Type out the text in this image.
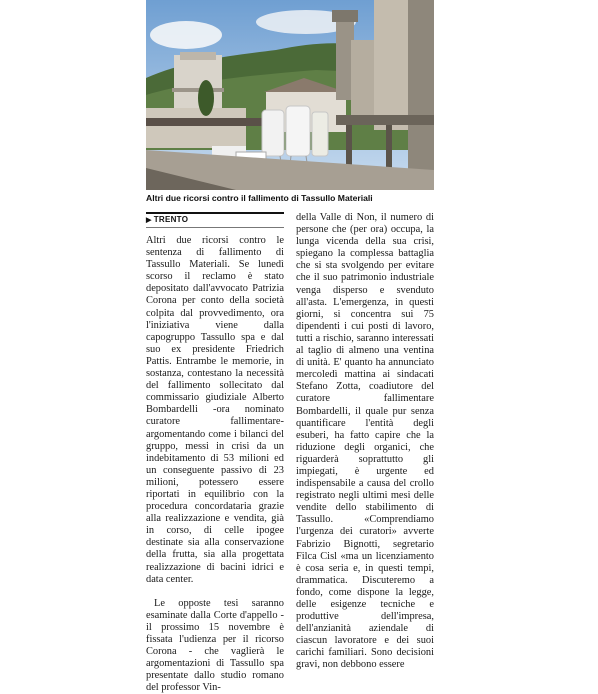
Altri due ricorsi contro il fallimento di Tassullo Materiali
▶ TRENTO

Altri due ricorsi contro le sentenza di fallimento di Tassullo Materiali. Se lunedì scorso il reclamo è stato depositato dall'avvocato Patrizia Corona per conto della società colpita dal provvedimento, ora l'iniziativa viene dalla capogruppo Tassullo spa e dal suo ex presidente Friedrich Pattis. Entrambe le memorie, in sostanza, contestano la necessità del fallimento sollecitato dal commissario giudiziale Alberto Bombardelli -ora nominato curatore fallimentare- argomentando come i bilanci del gruppo, messi in crisi da un indebitamento di 53 milioni ed un conseguente passivo di 23 milioni, potessero essere riportati in equilibrio con la procedura concordataria grazie alla realizzazione e vendita, già in corso, di celle ipogee destinate sia alla conservazione della frutta, sia alla progettata realizzazione di bacini idrici e data center.

Le opposte tesi saranno esaminate dalla Corte d'appello - il prossimo 15 novembre è fissata l'udienza per il ricorso Corona - che vaglierà le argomentazioni di Tassullo spa presentate dallo studio romano del professor Vin-

della Valle di Non, il numero di persone che (per ora) occupa, la lunga vicenda della sua crisi, spiegano la complessa battaglia che si sta svolgendo per evitare che il suo patrimonio industriale venga disperso e svenduto all'asta. L'emergenza, in questi giorni, si concentra sui 75 dipendenti i cui posti di lavoro, tutti a rischio, saranno interessati al taglio di almeno una ventina di unità. E' quanto ha annunciato mercoledì mattina ai sindacati Stefano Zotta, coadiutore del curatore fallimentare Bombardelli, il quale pur senza quantificare l'entità degli esuberi, ha fatto capire che la riduzione degli organici, che riguarderà soprattutto gli impiegati, è urgente ed indispensabile a causa del crollo registrato negli ultimi mesi delle vendite dello stabilimento di Tassullo. «Comprendiamo l'urgenza dei curatori» avverte Fabrizio Bignotti, segretario Filca Cisl «ma un licenziamento è cosa seria e, in questi tempi, drammatica. Discuteremo a fondo, come dispone la legge, delle esigenze tecniche e produttive dell'impresa, dell'anzianità aziendale di ciascun lavoratore e dei suoi carichi familiari. Sono decisioni gravi, non debbono essere
